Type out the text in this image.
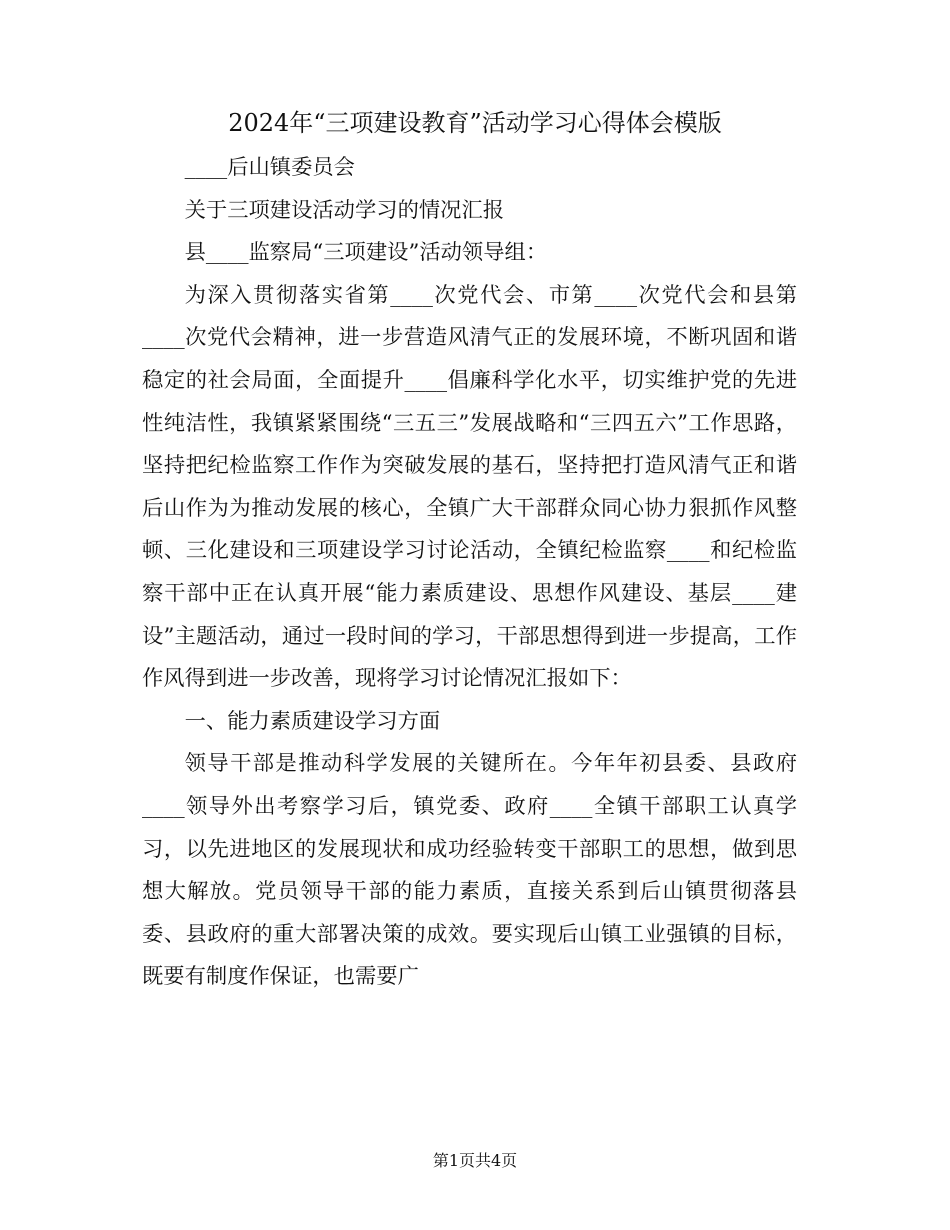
2024年“三项建设教育”活动学习心得体会模版

____后山镇委员会

关于三项建设活动学习的情况汇报

县____监察局“三项建设”活动领导组：

为深入贯彻落实省第____次党代会、市第____次党代会和县第____次党代会精神，进一步营造风清气正的发展环境，不断巩固和谐稳定的社会局面，全面提升____倡廉科学化水平，切实维护党的先进性纯洁性，我镇紧紧围绕“三五三”发展战略和“三四五六”工作思路，坚持把纪检监察工作作为突破发展的基石，坚持把打造风清气正和谐后山作为为推动发展的核心，全镇广大干部群众同心协力狠抓作风整顿、三化建设和三项建设学习讨论活动，全镇纪检监察____和纪检监察干部中正在认真开展“能力素质建设、思想作风建设、基层____建设”主题活动，通过一段时间的学习，干部思想得到进一步提高，工作作风得到进一步改善，现将学习讨论情况汇报如下：

一、能力素质建设学习方面

领导干部是推动科学发展的关键所在。今年年初县委、县政府____领导外出考察学习后，镇党委、政府____全镇干部职工认真学习，以先进地区的发展现状和成功经验转变干部职工的思想，做到思想大解放。党员领导干部的能力素质，直接关系到后山镇贯彻落县委、县政府的重大部署决策的成效。要实现后山镇工业强镇的目标，既要有制度作保证，也需要广

第1页共4页
